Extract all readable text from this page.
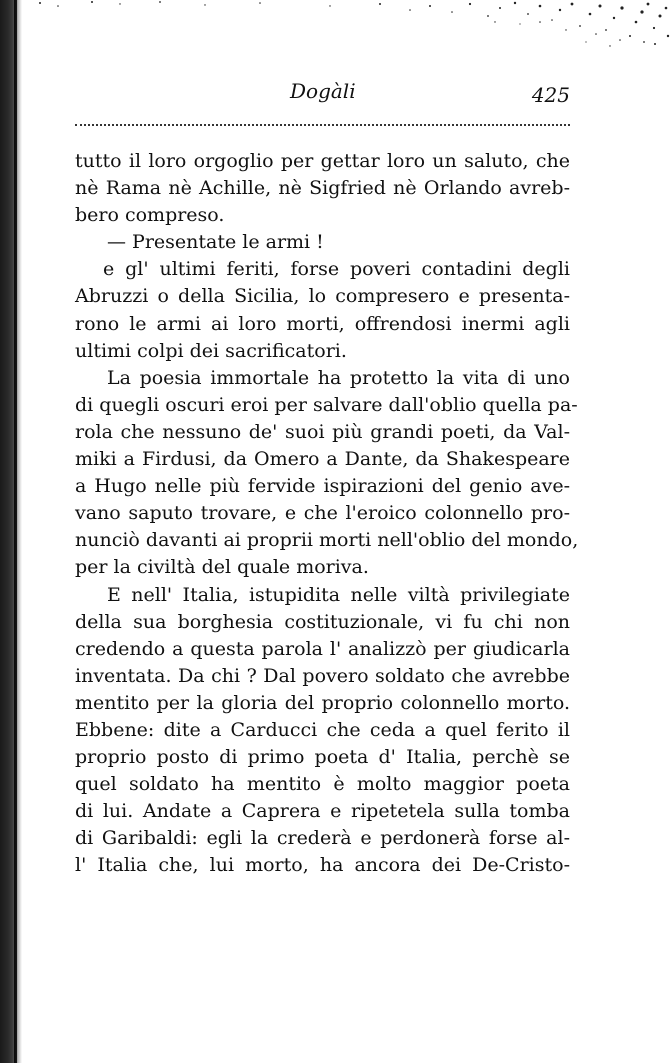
Dogàli	425
tutto il loro orgoglio per gettar loro un saluto, che
nè Rama nè Achille, nè Sigfried nè Orlando avreb-
bero compreso.
— Presentate le armi !
e gl' ultimi feriti, forse poveri contadini degli
Abruzzi o della Sicilia, lo compresero e presenta-
rono le armi ai loro morti, offrendosi inermi agli
ultimi colpi dei sacrificatori.
La poesia immortale ha protetto la vita di uno
di quegli oscuri eroi per salvare dall'oblio quella pa-
rola che nessuno de' suoi più grandi poeti, da Val-
miki a Firdusi, da Omero a Dante, da Shakespeare
a Hugo nelle più fervide ispirazioni del genio ave-
vano saputo trovare, e che l'eroico colonnello pro-
nunciò davanti ai proprii morti nell'oblio del mondo,
per la civiltà del quale moriva.
E nell' Italia, istupidita nelle viltà privilegiate
della sua borghesia costituzionale, vi fu chi non
credendo a questa parola l' analizzò per giudicarla
inventata. Da chi ? Dal povero soldato che avrebbe
mentito per la gloria del proprio colonnello morto.
Ebbene: dite a Carducci che ceda a quel ferito il
proprio posto di primo poeta d' Italia, perchè se
quel soldato ha mentito è molto maggior poeta
di lui. Andate a Caprera e ripetetela sulla tomba
di Garibaldi: egli la crederà e perdonerà forse al-
l' Italia che, lui morto, ha ancora dei De-Cristo-
